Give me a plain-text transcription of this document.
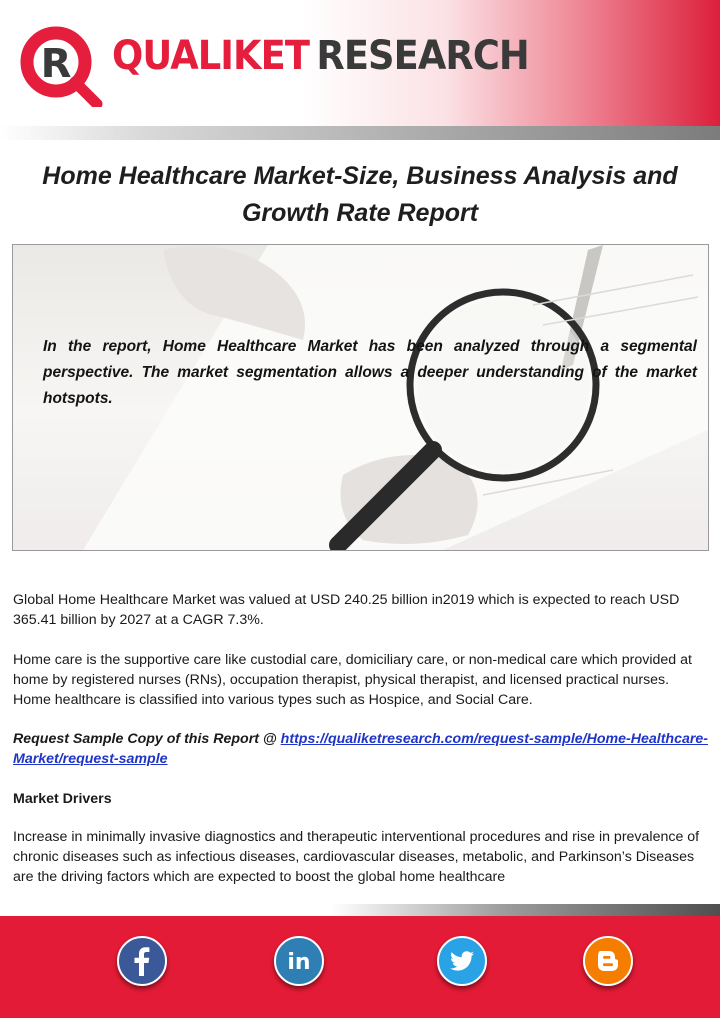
R QUALIKET RESEARCH
Home Healthcare Market-Size, Business Analysis and
Growth Rate Report
In the report, Home Healthcare Market has been analyzed through a segmental perspective. The market segmentation allows a deeper understanding of the market hotspots.
Global Home Healthcare Market was valued at USD 240.25 billion in2019 which is expected to reach USD 365.41 billion by 2027 at a CAGR 7.3%.
Home care is the supportive care like custodial care, domiciliary care, or non-medical care which provided at home by registered nurses (RNs), occupation therapist, physical therapist, and licensed practical nurses. Home healthcare is classified into various types such as Hospice, and Social Care.
Request Sample Copy of this Report @ https://qualiketresearch.com/request-sample/Home-Healthcare-Market/request-sample
Market Drivers
Increase in minimally invasive diagnostics and therapeutic interventional procedures and rise in prevalence of chronic diseases such as infectious diseases, cardiovascular diseases, metabolic, and Parkinson’s Diseases are the driving factors which are expected to boost the global home healthcare
in
